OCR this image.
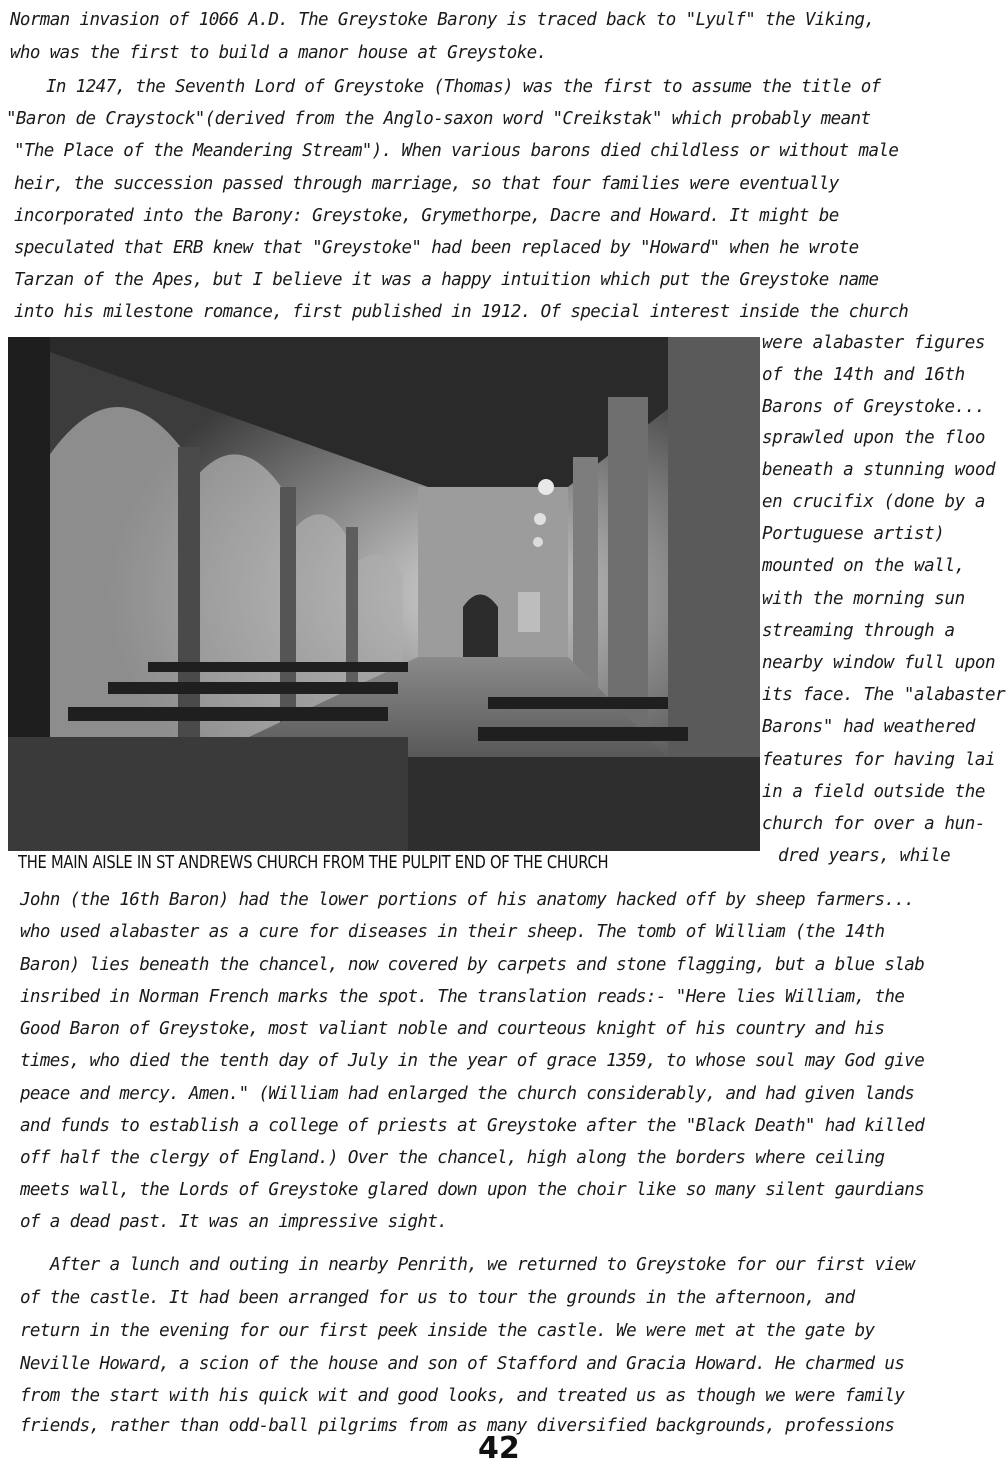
Norman invasion of 1066 A.D. The Greystoke Barony is traced back to "Lyulf" the Viking,

who was the first to build a manor house at Greystoke.

In 1247, the Seventh Lord of Greystoke (Thomas) was the first to assume the title of

"Baron de Craystock"(derived from the Anglo-saxon word "Creikstak" which probably meant

"The Place of the Meandering Stream"). When various barons died childless or without male

heir, the succession passed through marriage, so that four families were eventually

incorporated into the Barony: Greystoke, Grymethorpe, Dacre and Howard. It might be

speculated that ERB knew that "Greystoke" had been replaced by "Howard" when he wrote

Tarzan of the Apes, but I believe it was a happy intuition which put the Greystoke name

into his milestone romance, first published in 1912. Of special interest inside the church

were alabaster figures

of the 14th and 16th

Barons of Greystoke...

sprawled upon the floo

beneath a stunning wood

en crucifix (done by a

Portuguese artist)

mounted on the wall,

with the morning sun

streaming through a

nearby window full upon

its face. The "alabaster

Barons" had weathered

features for having lai

in a field outside the

church for over a hun-

dred years, while

THE MAIN AISLE IN ST ANDREWS CHURCH FROM THE PULPIT END OF THE CHURCH

John (the 16th Baron) had the lower portions of his anatomy hacked off by sheep farmers...

who used alabaster as a cure for diseases in their sheep. The tomb of William (the 14th

Baron) lies beneath the chancel, now covered by carpets and stone flagging, but a blue slab

insribed in Norman French marks the spot. The translation reads:- "Here lies William, the

Good Baron of Greystoke, most valiant noble and courteous knight of his country and his

times, who died the tenth day of July in the year of grace 1359, to whose soul may God give

peace and mercy. Amen." (William had enlarged the church considerably, and had given lands

and funds to establish a college of priests at Greystoke after the "Black Death" had killed

off half the clergy of England.) Over the chancel, high along the borders where ceiling

meets wall, the Lords of Greystoke glared down upon the choir like so many silent gaurdians

of a dead past. It was an impressive sight.

After a lunch and outing in nearby Penrith, we returned to Greystoke for our first view

of the castle. It had been arranged for us to tour the grounds in the afternoon, and

return in the evening for our first peek inside the castle. We were met at the gate by

Neville Howard, a scion of the house and son of Stafford and Gracia Howard. He charmed us

from the start with his quick wit and good looks, and treated us as though we were family

friends, rather than odd-ball pilgrims from as many diversified backgrounds, professions

42
